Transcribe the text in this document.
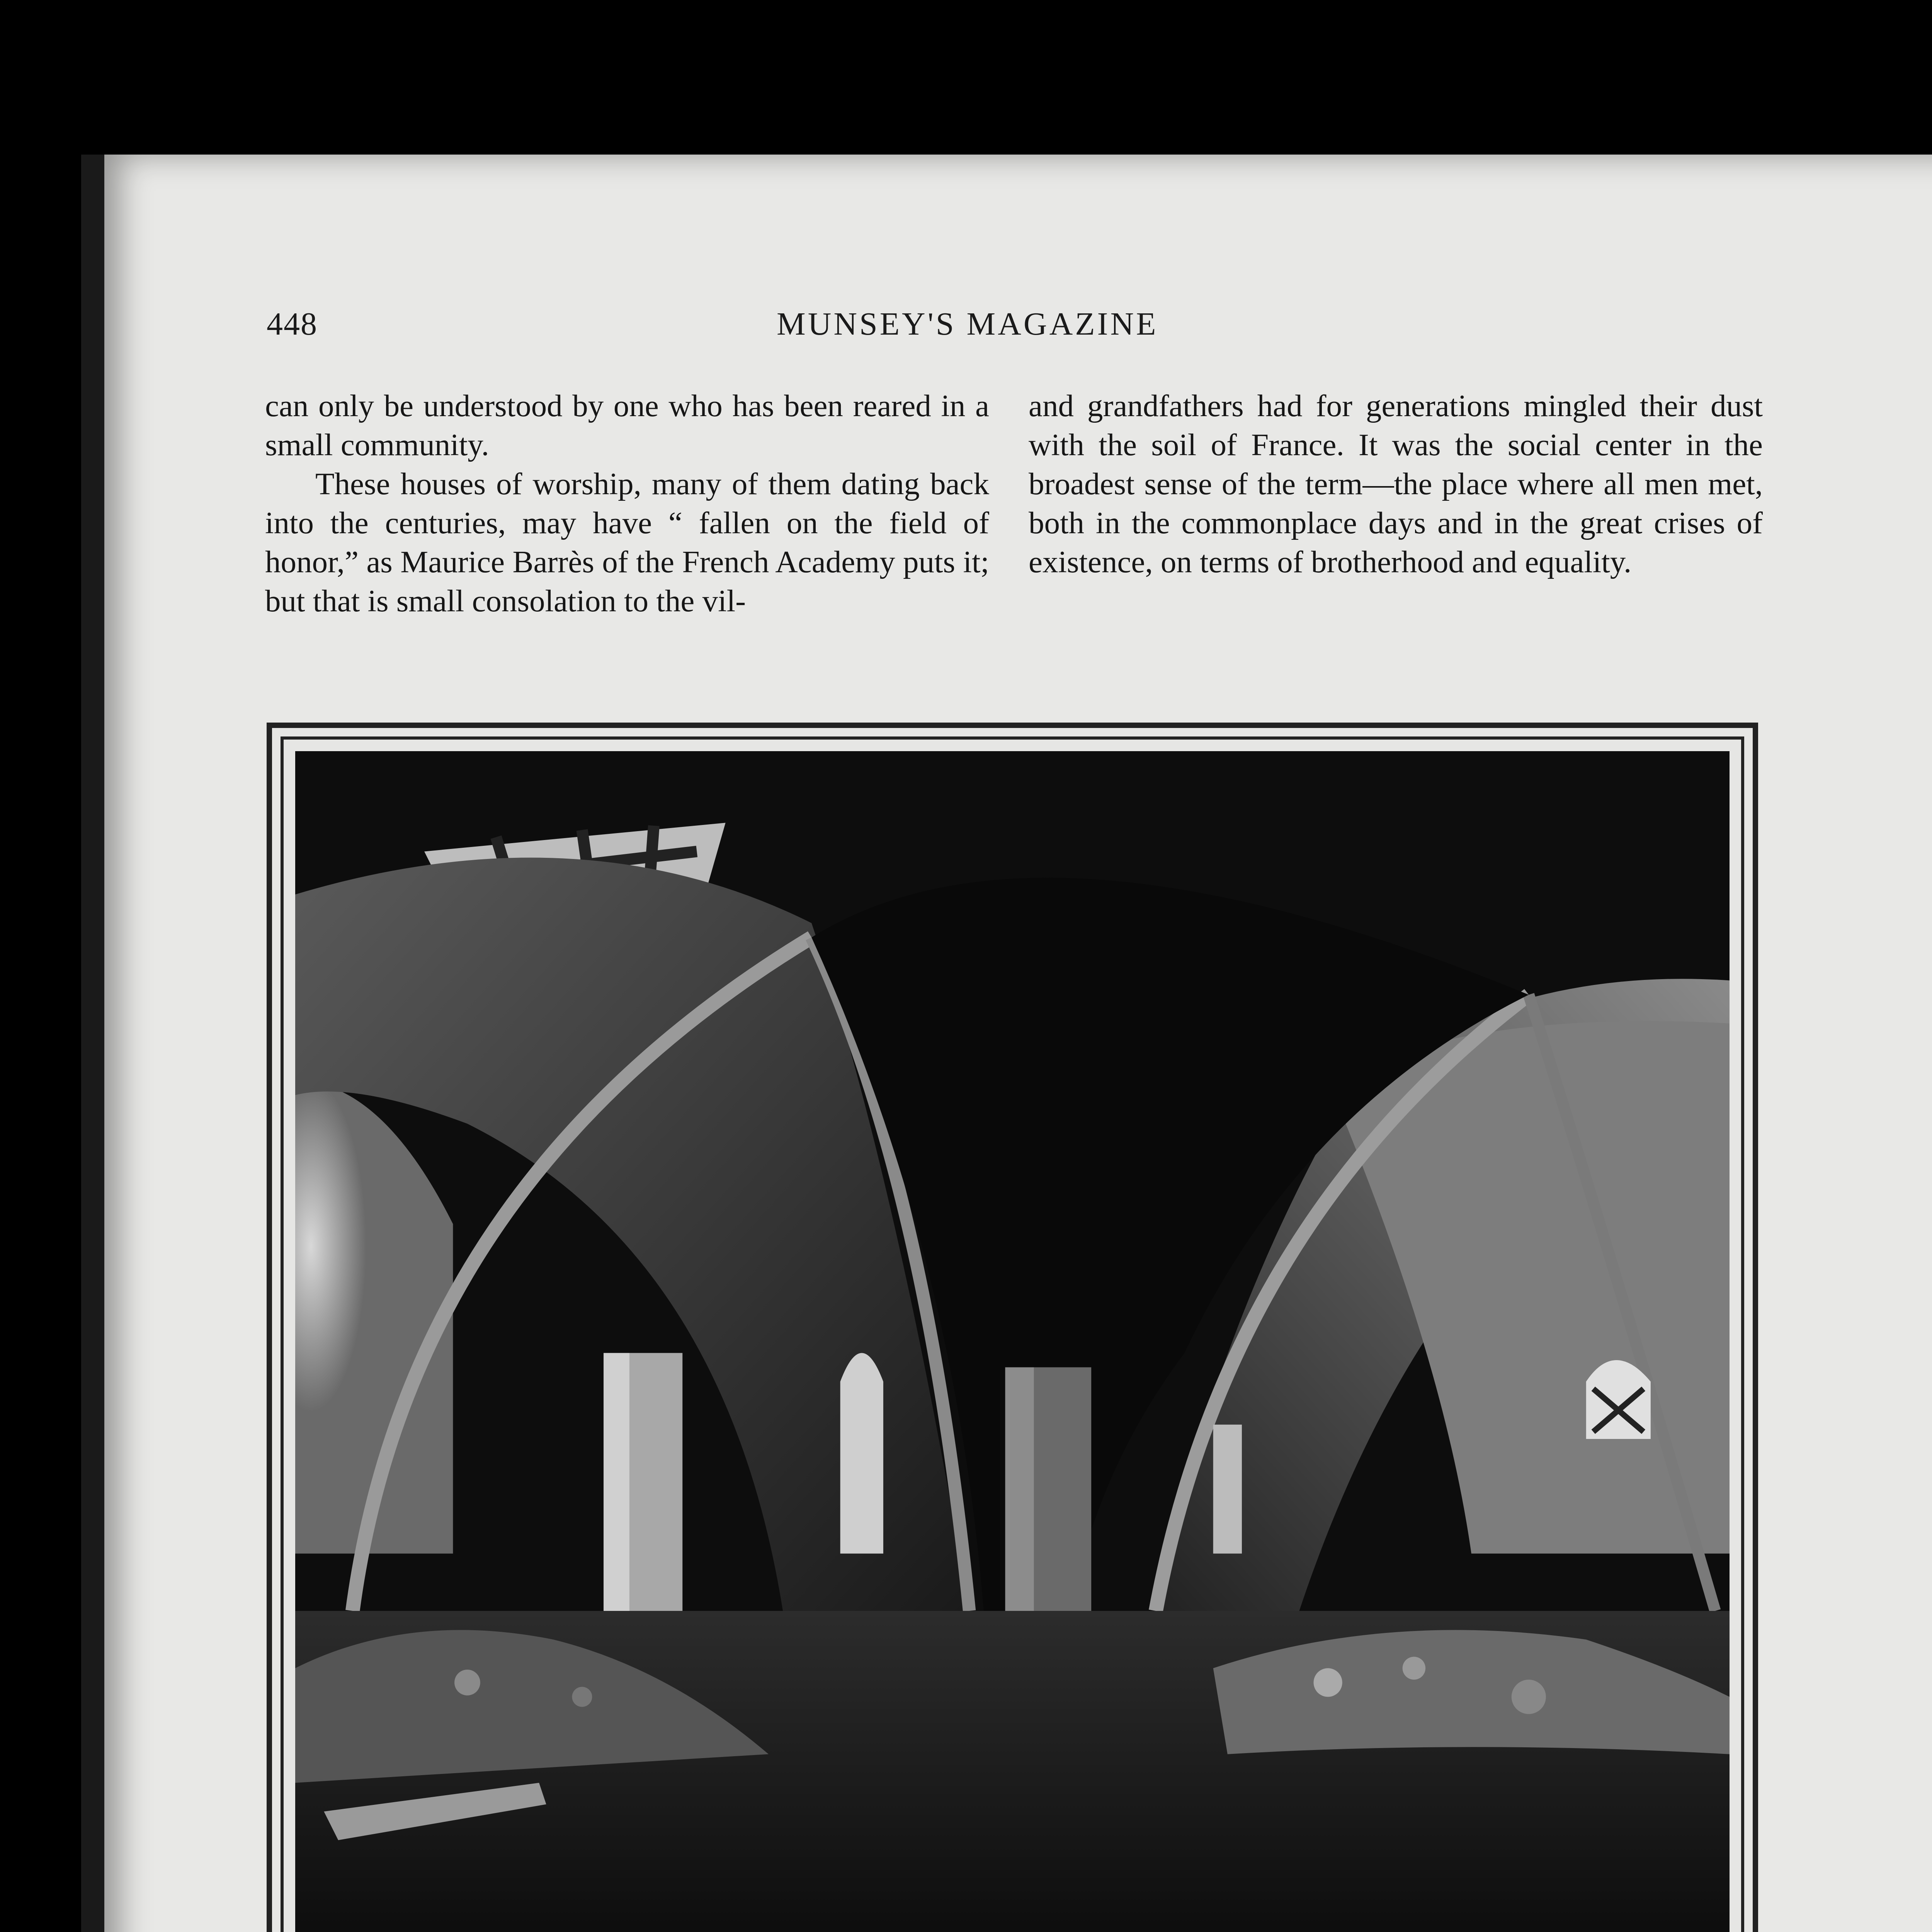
448	MUNSEY'S MAGAZINE

can only be understood by one who has been reared in a small community.

These houses of worship, many of them dating back into the centuries, may have “ fallen on the field of honor,” as Maurice Barrès of the French Academy puts it; but that is small consolation to the vil-

and grandfathers had for generations mingled their dust with the soil of France. It was the social center in the broadest sense of the term—the place where all men met, both in the commonplace days and in the great crises of existence, on terms of brotherhood and equality.
